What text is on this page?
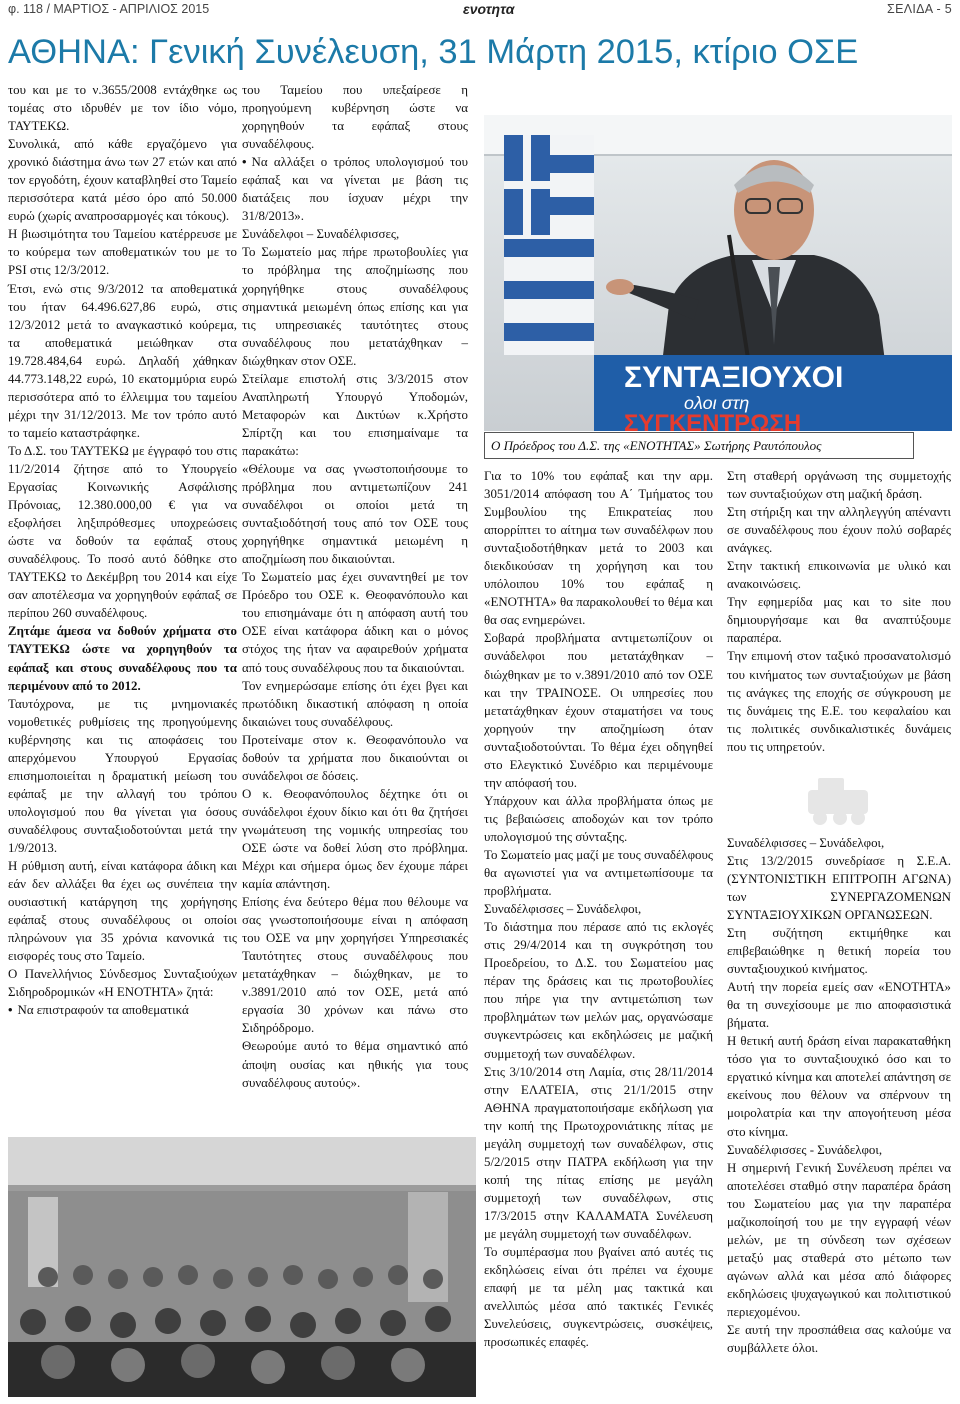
φ. 118 / ΜΑΡΤΙΟΣ - ΑΠΡΙΛΙΟΣ 2015	ενοτητα	ΣΕΛΙΔΑ - 5
ΑΘΗΝΑ: Γενική Συνέλευση, 31 Μάρτη 2015, κτίριο ΟΣΕ

του και με το ν.3655/2008 εντάχθηκε ως τομέας στο ιδρυθέν με τον ίδιο νόμο, ΤΑΥΤΕΚΩ.

Συνολικά, από κάθε εργαζόμενο για χρονικό διάστημα άνω των 27 ετών και από τον εργοδότη, έχουν καταβληθεί στο Ταμείο περισσότερα κατά μέσο όρο από 50.000 ευρώ (χωρίς αναπροσαρμογές και τόκους).

Η βιωσιμότητα του Ταμείου κατέρρευσε με το κούρεμα των αποθεματικών του με το PSI στις 12/3/2012.

Έτσι, ενώ στις 9/3/2012 τα αποθεματικά του ήταν 64.496.627,86 ευρώ, στις 12/3/2012 μετά το αναγκαστικό κούρεμα, τα αποθεματικά μειώθηκαν στα 19.728.484,64 ευρώ. Δηλαδή χάθηκαν 44.773.148,22 ευρώ, 10 εκατομμύρια ευρώ περισσότερα από το έλλειμμα του ταμείου μέχρι την 31/12/2013. Με τον τρόπο αυτό το ταμείο καταστράφηκε.

Το Δ.Σ. του ΤΑΥΤΕΚΩ με έγγραφό του στις 11/2/2014 ζήτησε από το Υπουργείο Εργασίας Κοινωνικής Ασφάλισης Πρόνοιας, 12.380.000,00 € για να εξοφλήσει ληξιπρόθεσμες υποχρεώσεις ώστε να δοθούν τα εφάπαξ στους συναδέλφους. Το ποσό αυτό δόθηκε στο ΤΑΥΤΕΚΩ το Δεκέμβρη του 2014 και είχε σαν αποτέλεσμα να χορηγηθούν εφάπαξ σε περίπου 260 συναδέλφους.

Ζητάμε άμεσα να δοθούν χρήματα στο ΤΑΥΤΕΚΩ ώστε να χορηγηθούν τα εφάπαξ και στους συναδέλφους που τα περιμένουν από το 2012.

Ταυτόχρονα, με τις μνημονιακές νομοθετικές ρυθμίσεις της προηγούμενης κυβέρνησης και τις αποφάσεις του απερχόμενου Υπουργού Εργασίας επισημοποιείται η δραματική μείωση του εφάπαξ με την αλλαγή του τρόπου υπολογισμού που θα γίνεται για όσους συναδέλφους συνταξιοδοτούνται μετά την 1/9/2013.

Η ρύθμιση αυτή, είναι κατάφορα άδικη και εάν δεν αλλάξει θα έχει ως συνέπεια την ουσιαστική κατάργηση της χορήγησης εφάπαξ στους συναδέλφους οι οποίοι πληρώνουν για 35 χρόνια κανονικά τις εισφορές τους στο Ταμείο.

Ο Πανελλήνιος Σύνδεσμος Συνταξιούχων Σιδηροδρομικών «Η ΕΝΟΤΗΤΑ» ζητά:

• Να επιστραφούν τα αποθεματικά

του Ταμείου που υπεξαίρεσε η προηγούμενη κυβέρνηση ώστε να χορηγηθούν τα εφάπαξ στους συναδέλφους.

• Να αλλάξει ο τρόπος υπολογισμού του εφάπαξ και να γίνεται με βάση τις διατάξεις που ίσχυαν μέχρι την 31/8/2013».

Συνάδελφοι – Συναδέλφισσες,

Το Σωματείο μας πήρε πρωτοβουλίες για το πρόβλημα της αποζημίωσης που χορηγήθηκε στους συναδέλφους σημαντικά μειωμένη όπως επίσης και για τις υπηρεσιακές ταυτότητες στους συναδέλφους που μετατάχθηκαν – διώχθηκαν στον ΟΣΕ.

Στείλαμε επιστολή στις 3/3/2015 στον Αναπληρωτή Υπουργό Υποδομών, Μεταφορών και Δικτύων κ.Χρήστο Σπίρτζη και του επισημαίναμε τα παρακάτω:

«Θέλουμε να σας γνωστοποιήσουμε το πρόβλημα που αντιμετωπίζουν 241 συναδέλφοι οι οποίοι μετά τη συνταξιοδότησή τους από τον ΟΣΕ τους χορηγήθηκε σημαντικά μειωμένη η αποζημίωση που δικαιούνται.

Το Σωματείο μας έχει συναντηθεί με τον Πρόεδρο του ΟΣΕ κ. Θεοφανόπουλο και του επισημάναμε ότι η απόφαση αυτή του ΟΣΕ είναι κατάφορα άδικη και ο μόνος στόχος της ήταν να αφαιρεθούν χρήματα από τους συναδέλφους που τα δικαιούνται.

Τον ενημερώσαμε επίσης ότι έχει βγει και πρωτόδικη δικαστική απόφαση η οποία δικαιώνει τους συναδέλφους.

Προτείναμε στον κ. Θεοφανόπουλο να δοθούν τα χρήματα που δικαιούνται οι συνάδελφοι σε δόσεις.

Ο κ. Θεοφανόπουλος δέχτηκε ότι οι συνάδελφοι έχουν δίκιο και ότι θα ζητήσει γνωμάτευση της νομικής υπηρεσίας του ΟΣΕ ώστε να δοθεί λύση στο πρόβλημα. Μέχρι και σήμερα όμως δεν έχουμε πάρει καμία απάντηση.

Επίσης ένα δεύτερο θέμα που θέλουμε να σας γνωστοποιήσουμε είναι η απόφαση του ΟΣΕ να μην χορηγήσει Υπηρεσιακές Ταυτότητες στους συναδέλφους που μετατάχθηκαν – διώχθηκαν, με το ν.3891/2010 από τον ΟΣΕ, μετά από εργασία 30 χρόνων και πάνω στο Σιδηρόδρομο.

Θεωρούμε αυτό το θέμα σημαντικό από άποψη ουσίας και ηθικής για τους συναδέλφους αυτούς».

ΣΥΝΤΑΞΙΟΥΧΟΙ
ολοι στη
ΣΥΓΚΕΝΤΡΩΣΗ
Ο Πρόεδρος του Δ.Σ. της «ΕΝΟΤΗΤΑΣ» Σωτήρης Ραυτόπουλος

Για το 10% του εφάπαξ και την αρμ. 3051/2014 απόφαση του Α΄ Τμήματος του Συμβουλίου της Επικρατείας που απορρίπτει το αίτημα των συναδέλφων που συνταξιοδοτήθηκαν μετά το 2003 και διεκδικούσαν τη χορήγηση και του υπόλοιπου 10% του εφάπαξ η «ΕΝΟΤΗΤΑ» θα παρακολουθεί το θέμα και θα σας ενημερώνει.

Σοβαρά προβλήματα αντιμετωπίζουν οι συνάδελφοι που μετατάχθηκαν – διώχθηκαν με το ν.3891/2010 από τον ΟΣΕ και την ΤΡΑΙΝΟΣΕ. Οι υπηρεσίες που μετατάχθηκαν έχουν σταματήσει να τους χορηγούν την αποζημίωση όταν συνταξιοδοτούνται. Το θέμα έχει οδηγηθεί στο Ελεγκτικό Συνέδριο και περιμένουμε την απόφασή του.

Υπάρχουν και άλλα προβλήματα όπως με τις βεβαιώσεις αποδοχών και τον τρόπο υπολογισμού της σύνταξης.

Το Σωματείο μας μαζί με τους συναδέλφους θα αγωνιστεί για να αντιμετωπίσουμε τα προβλήματα.

Συναδέλφισσες – Συνάδελφοι,

Το διάστημα που πέρασε από τις εκλογές στις 29/4/2014 και τη συγκρότηση του Προεδρείου, το Δ.Σ. του Σωματείου μας πέραν της δράσεις και τις πρωτοβουλίες που πήρε για την αντιμετώπιση των προβλημάτων των μελών μας, οργανώσαμε συγκεντρώσεις και εκδηλώσεις με μαζική συμμετοχή των συναδέλφων.

Στις 3/10/2014 στη Λαμία, στις 28/11/2014 στην ΕΛΑΤΕΙΑ, στις 21/1/2015 στην ΑΘΗΝΑ πραγματοποιήσαμε εκδήλωση για την κοπή της Πρωτοχρονιάτικης πίτας με μεγάλη συμμετοχή των συναδέλφων, στις 5/2/2015 στην ΠΑΤΡΑ εκδήλωση για την κοπή της πίτας επίσης με μεγάλη συμμετοχή των συναδέλφων, στις 17/3/2015 στην ΚΑΛΑΜΑΤΑ Συνέλευση με μεγάλη συμμετοχή των συναδέλφων.

Το συμπέρασμα που βγαίνει από αυτές τις εκδηλώσεις είναι ότι πρέπει να έχουμε επαφή με τα μέλη μας τακτικά και ανελλιπώς μέσα από τακτικές Γενικές Συνελεύσεις, συγκεντρώσεις, συσκέψεις, προσωπικές επαφές.

Στη σταθερή οργάνωση της συμμετοχής των συνταξιούχων στη μαζική δράση.

Στη στήριξη και την αλληλεγγύη απέναντι σε συναδέλφους που έχουν πολύ σοβαρές ανάγκες.

Στην τακτική επικοινωνία με υλικό και ανακοινώσεις.

Την εφημερίδα μας και το site που δημιουργήσαμε και θα αναπτύξουμε παραπέρα.

Την επιμονή στον ταξικό προσανατολισμό του κινήματος των συνταξιούχων με βάση τις ανάγκες της εποχής σε σύγκρουση με τις δυνάμεις της Ε.Ε. του κεφαλαίου και τις πολιτικές συνδικαλιστικές δυνάμεις που τις υπηρετούν.

Συναδέλφισσες – Συνάδελφοι,

Στις 13/2/2015 συνεδρίασε η Σ.Ε.Α. (ΣΥΝΤΟΝΙΣΤΙΚΗ ΕΠΙΤΡΟΠΗ ΑΓΩΝΑ) των ΣΥΝΕΡΓΑΖΟΜΕΝΩΝ ΣΥΝΤΑΞΙΟΥΧΙΚΩΝ ΟΡΓΑΝΩΣΕΩΝ.

Στη συζήτηση εκτιμήθηκε και επιβεβαιώθηκε η θετική πορεία του συνταξιουχικού κινήματος.

Αυτή την πορεία εμείς σαν «ΕΝΟΤΗΤΑ» θα τη συνεχίσουμε με πιο αποφασιστικά βήματα.

Η θετική αυτή δράση είναι παρακαταθήκη τόσο για το συνταξιουχικό όσο και το εργατικό κίνημα και αποτελεί απάντηση σε εκείνους που θέλουν να σπέρνουν τη μοιρολατρία και την απογοήτευση μέσα στο κίνημα.

Συναδέλφισσες - Συνάδελφοι,

Η σημερινή Γενική Συνέλευση πρέπει να αποτελέσει σταθμό στην παραπέρα δράση του Σωματείου μας για την παραπέρα μαζικοποίησή του με την εγγραφή νέων μελών, με τη σύνδεση των σχέσεων μεταξύ μας σταθερά στο μέτωπο των αγώνων αλλά και μέσα από διάφορες εκδηλώσεις ψυχαγωγικού και πολιτιστικού περιεχομένου.

Σε αυτή την προσπάθεια σας καλούμε να συμβάλλετε όλοι.
